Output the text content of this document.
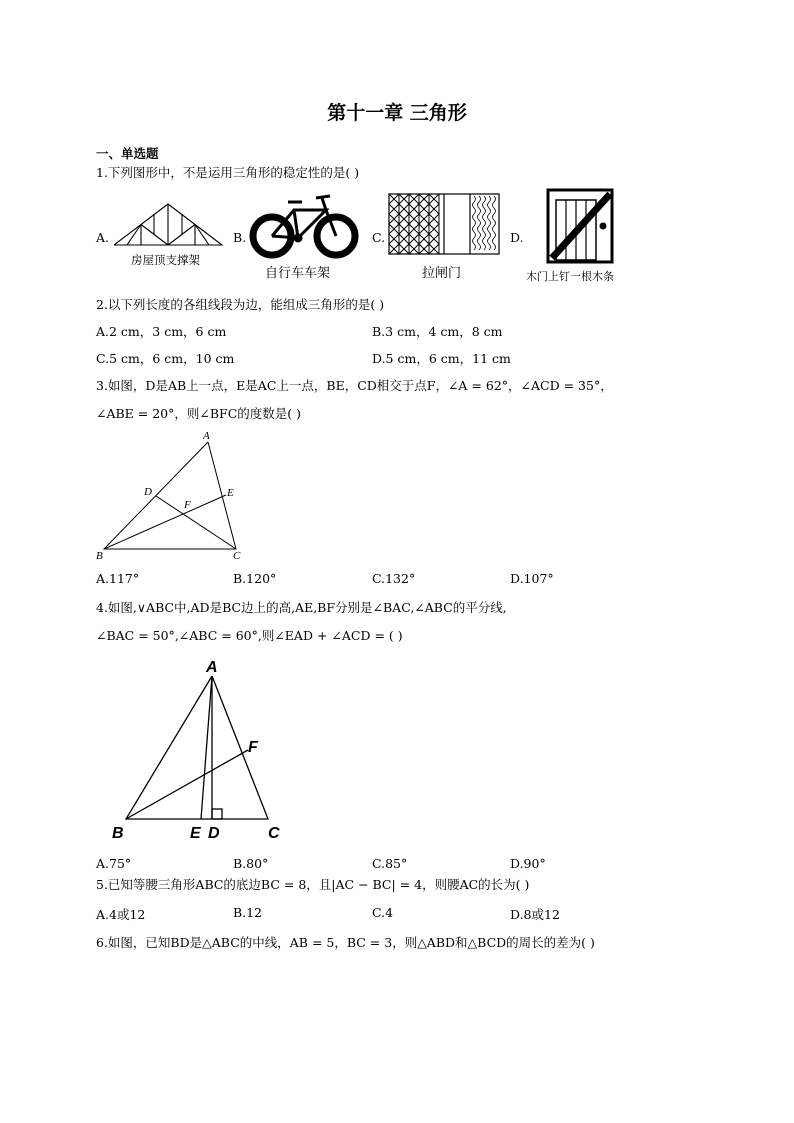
第十一章 三角形
一、单选题
1.下列图形中，不是运用三角形的稳定性的是( )
A.
房屋顶支撑架
B.
自行车车架
C.
拉闸门
D.
木门上钉一根木条
2.以下列长度的各组线段为边，能组成三角形的是( )
A.2 cm，3 cm，6 cm	B.3 cm，4 cm，8 cm
C.5 cm，6 cm，10 cm	D.5 cm，6 cm，11 cm
3.如图，D是AB上一点，E是AC上一点，BE，CD相交于点F，∠A = 62°，∠ACD = 35°，
∠ABE = 20°，则∠BFC的度数是( )
A
D	E
F
B	C
A.117°	B.120°	C.132°	D.107°
4.如图,∨ABC中,AD是BC边上的高,AE,BF分别是∠BAC,∠ABC的平分线,
∠BAC = 50°,∠ABC = 60°,则∠EAD + ∠ACD = ( )
A
F
B	E D	C
A.75°	B.80°	C.85°	D.90°
5.已知等腰三角形ABC的底边BC = 8，且|AC − BC| = 4，则腰AC的长为( )
A.4或12	B.12	C.4	D.8或12
6.如图，已知BD是△ABC的中线，AB = 5，BC = 3，则△ABD和△BCD的周长的差为( )
